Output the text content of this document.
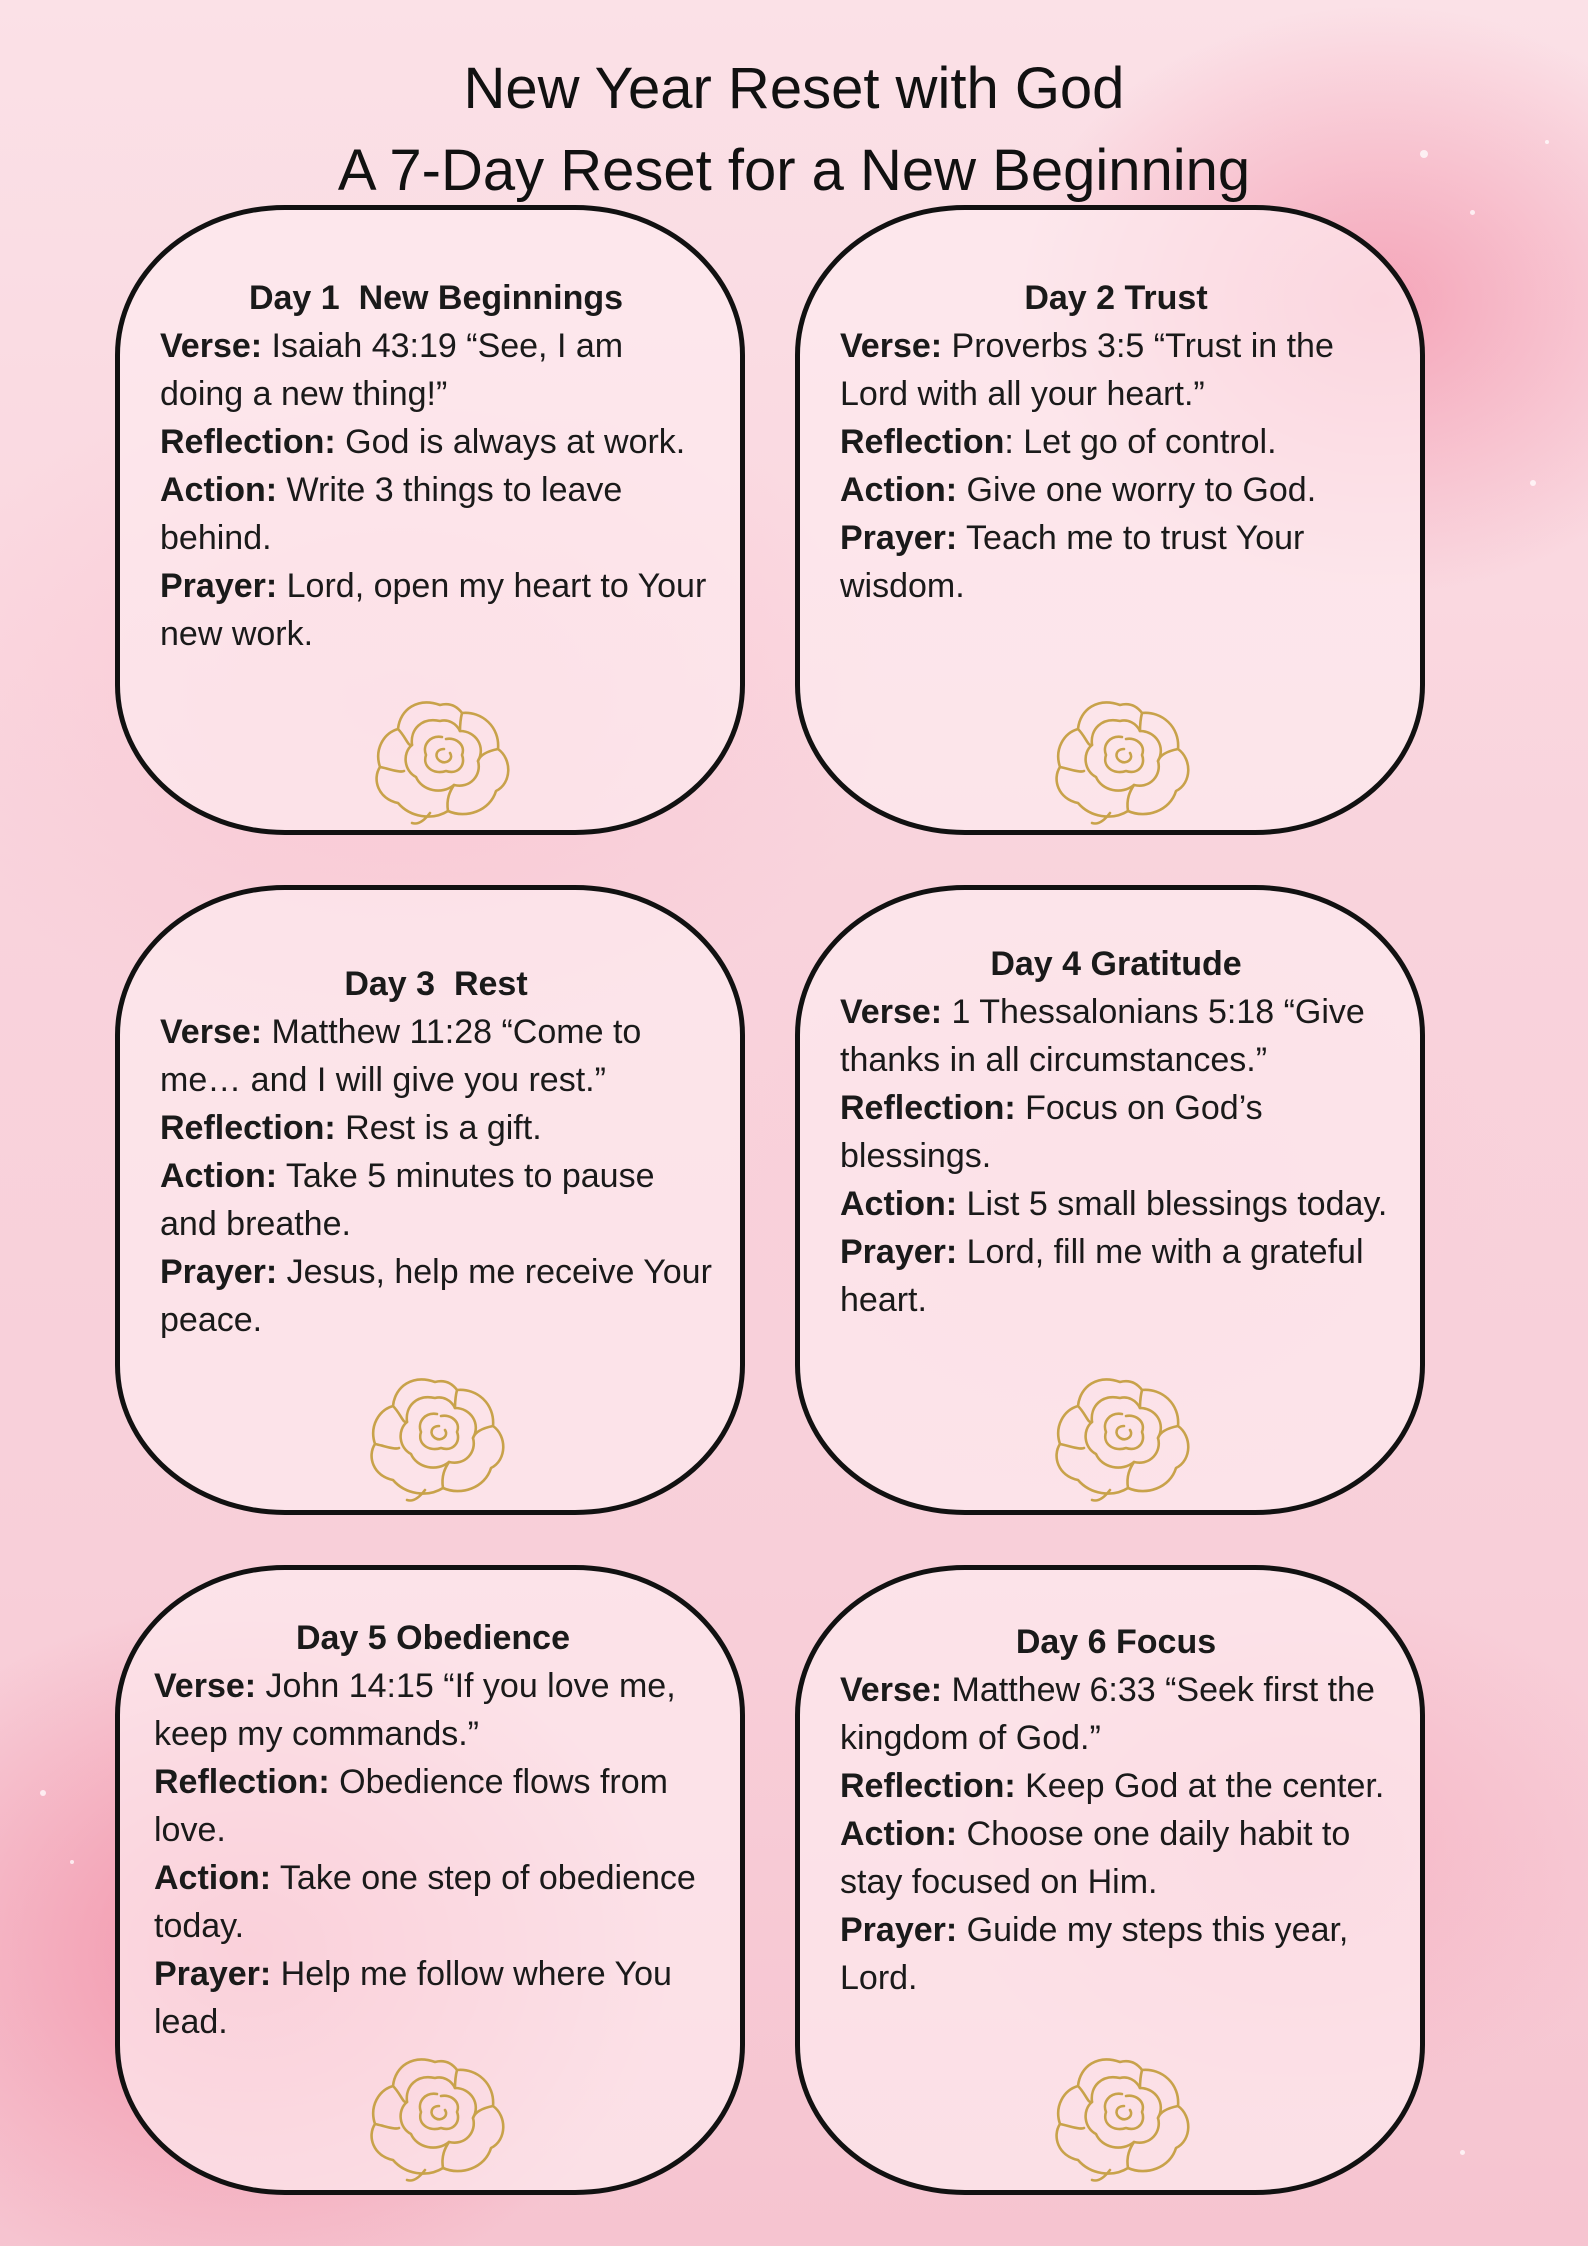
New Year Reset with God
A 7-Day Reset for a New Beginning
Day 1  New Beginnings
Verse: Isaiah 43:19 “See, I am doing a new thing!”
Reflection: God is always at work.
Action: Write 3 things to leave behind.
Prayer: Lord, open my heart to Your new work.
Day 2 Trust
Verse: Proverbs 3:5 “Trust in the Lord with all your heart.”
Reflection: Let go of control.
Action: Give one worry to God.
Prayer: Teach me to trust Your wisdom.
Day 3  Rest
Verse: Matthew 11:28 “Come to me… and I will give you rest.”
Reflection: Rest is a gift.
Action: Take 5 minutes to pause and breathe.
Prayer: Jesus, help me receive Your peace.
Day 4 Gratitude
Verse: 1 Thessalonians 5:18 “Give thanks in all circumstances.”
Reflection: Focus on God’s blessings.
Action: List 5 small blessings today.
Prayer: Lord, fill me with a grateful heart.
Day 5 Obedience
Verse: John 14:15 “If you love me, keep my commands.”
Reflection: Obedience flows from love.
Action: Take one step of obedience today.
Prayer: Help me follow where You lead.
Day 6 Focus
Verse: Matthew 6:33 “Seek first the kingdom of God.”
Reflection: Keep God at the center.
Action: Choose one daily habit to stay focused on Him.
Prayer: Guide my steps this year, Lord.
